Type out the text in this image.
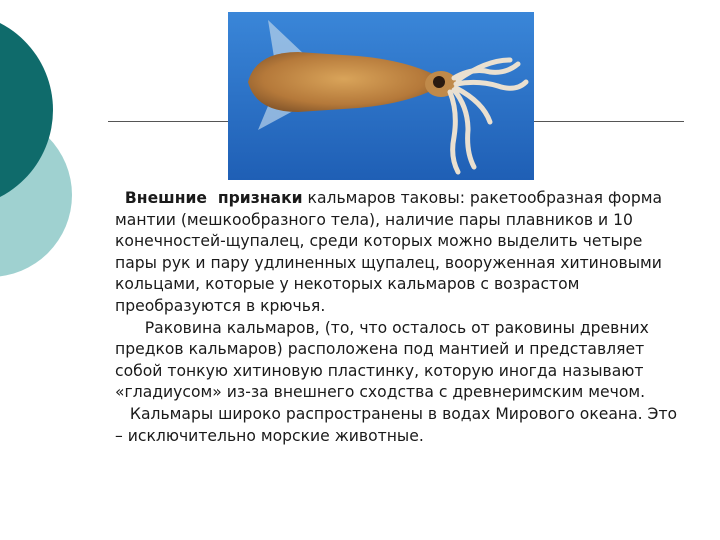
Внешние  признаки кальмаров таковы: ракетообразная форма мантии (мешкообразного тела), наличие пары плавников и 10 конечностей-щупалец, среди которых можно выделить четыре пары рук и пару удлиненных щупалец, вооруженная хитиновыми кольцами, которые у некоторых кальмаров с возрастом преобразуются в крючья.

Раковина кальмаров, (то, что осталось от раковины древних предков кальмаров) расположена под мантией и представляет собой тонкую хитиновую пластинку, которую иногда называют «гладиусом» из-за внешнего сходства с древнеримским мечом.

Кальмары широко распространены в водах Мирового океана. Это – исключительно морские животные.
